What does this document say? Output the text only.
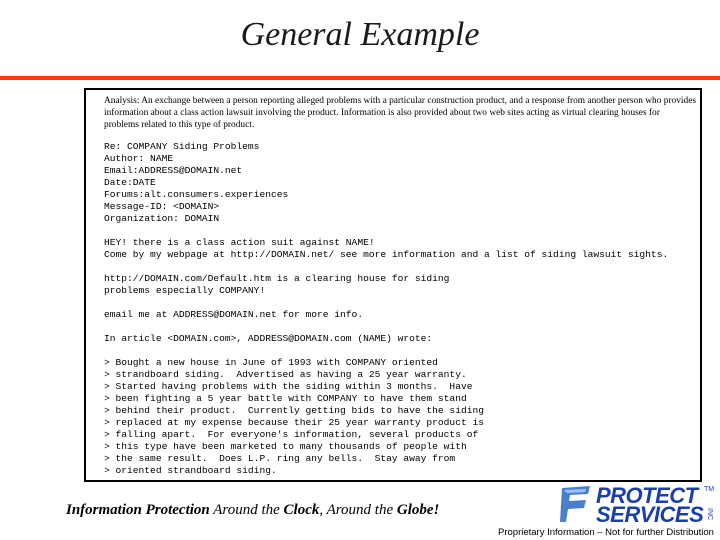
General Example
Analysis: An exchange between a person reporting alleged problems with a particular construction product, and a response from another person who provides information about a class action lawsuit involving the product. Information is also provided about two web sites acting as virtual clearing houses for problems related to this type of product.
Re: COMPANY Siding Problems
Author: NAME
Email:ADDRESS@DOMAIN.net
Date:DATE
Forums:alt.consumers.experiences
Message-ID: <DOMAIN>
Organization: DOMAIN
HEY! there is a class action suit against NAME!
Come by my webpage at http://DOMAIN.net/ see more information and a list of siding lawsuit sights.
http://DOMAIN.com/Default.htm is a clearing house for siding
problems especially COMPANY!
email me at ADDRESS@DOMAIN.net for more info.
In article <DOMAIN.com>, ADDRESS@DOMAIN.com (NAME) wrote:
> Bought a new house in June of 1993 with COMPANY oriented
> strandboard siding.  Advertised as having a 25 year warranty.
> Started having problems with the siding within 3 months.  Have
> been fighting a 5 year battle with COMPANY to have them stand
> behind their product.  Currently getting bids to have the siding
> replaced at my expense because their 25 year warranty product is
> falling apart.  For everyone's information, several products of
> this type have been marketed to many thousands of people with
> the same result.  Does L.P. ring any bells.  Stay away from
> oriented strandboard siding.
Information Protection Around the Clock, Around the Globe!
PROTECT
SERVICES
TM
INC
Proprietary Information – Not for further Distribution
